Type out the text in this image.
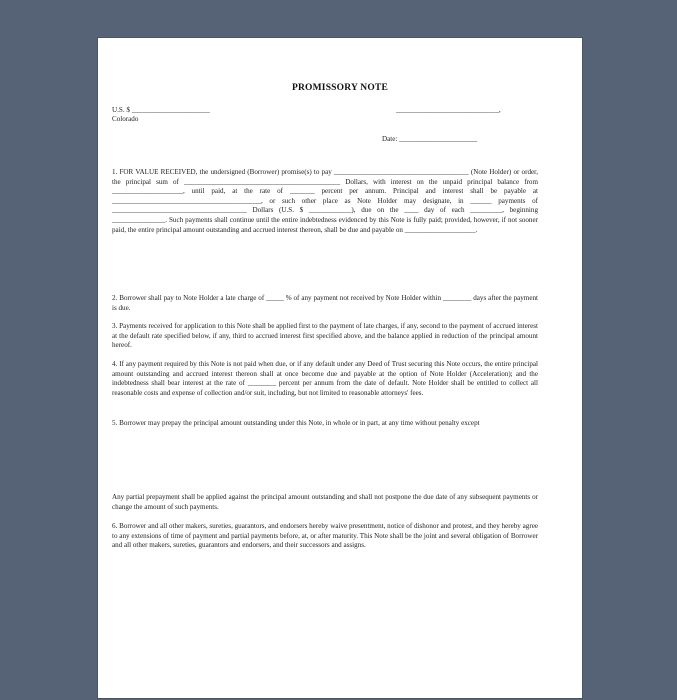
PROMISSORY NOTE
U.S. $ ______________________
Colorado
_____________________________,
Date: ______________________

1. FOR VALUE RECEIVED, the undersigned (Borrower) promise(s) to pay ______________________________________ (Note Holder) or order, the principal sum of ____________________________________________ Dollars, with interest on the unpaid principal balance from ____________________, until paid, at the rate of _______ percent per annum. Principal and interest shall be payable at __________________________________________, or such other place as Note Holder may designate, in ______ payments of ______________________________________ Dollars (U.S. $ ____________), due on the ____ day of each _________, beginning _______________. Such payments shall continue until the entire indebtedness evidenced by this Note is fully paid; provided, however, if not sooner paid, the entire principal amount outstanding and accrued interest thereon, shall be due and payable on ____________________.

2. Borrower shall pay to Note Holder a late charge of _____ % of any payment not received by Note Holder within ________ days after the payment is due.

3. Payments received for application to this Note shall be applied first to the payment of late charges, if any, second to the payment of accrued interest at the default rate specified below, if any, third to accrued interest first specified above, and the balance applied in reduction of the principal amount hereof.

4. If any payment required by this Note is not paid when due, or if any default under any Deed of Trust securing this Note occurs, the entire principal amount outstanding and accrued interest thereon shall at once become due and payable at the option of Note Holder (Acceleration); and the indebtedness shall bear interest at the rate of ________ percent per annum from the date of default. Note Holder shall be entitled to collect all reasonable costs and expense of collection and/or suit, including, but not limited to reasonable attorneys' fees.

5. Borrower may prepay the principal amount outstanding under this Note, in whole or in part, at any time without penalty except

Any partial prepayment shall be applied against the principal amount outstanding and shall not postpone the due date of any subsequent payments or change the amount of such payments.

6. Borrower and all other makers, sureties, guarantors, and endorsers hereby waive presentment, notice of dishonor and protest, and they hereby agree to any extensions of time of payment and partial payments before, at, or after maturity. This Note shall be the joint and several obligation of Borrower and all other makers, sureties, guarantors and endorsers, and their successors and assigns.
